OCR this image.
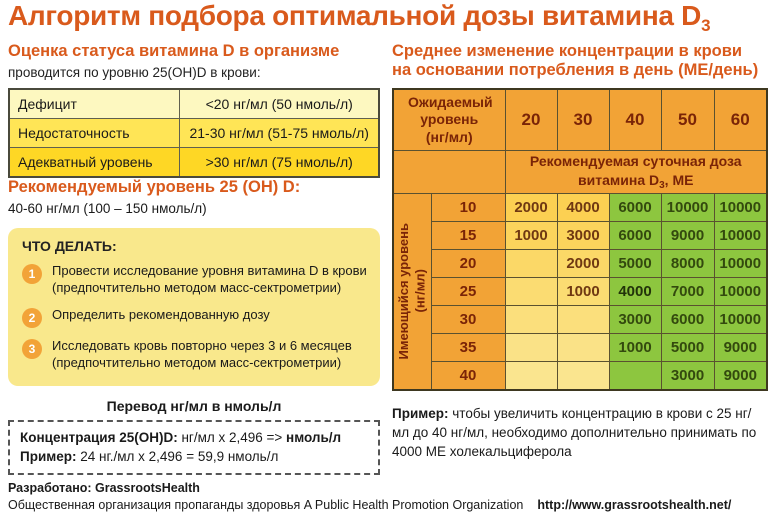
Алгоритм подбора оптимальной дозы витамина $D_3$
Оценка статуса витамина D в организме
проводится по уровню 25(ОН)D в крови:
Дефицит	<20 нг/мл (50 нмоль/л)
Недостаточность	21-30 нг/мл (51-75 нмоль/л)
Адекватный уровень	>30 нг/мл (75 нмоль/л)
Рекомендуемый уровень 25 (ОН) D:
40-60 нг/мл (100 – 150 нмоль/л)
ЧТО ДЕЛАТЬ:
1	Провести исследование уровня витамина D в крови (предпочтительно методом масс-сектрометрии)
2	Определить рекомендованную дозу
3	Исследовать кровь повторно через 3 и 6 месяцев (предпочтительно методом масс-сектрометрии)
Перевод нг/мл в нмоль/л
Концентрация 25(OH)D: нг/мл х 2,496 => нмоль/л
Пример: 24 нг./мл х 2,496 = 59,9 нмоль/л
Среднее изменение концентрации в крови
на основании потребления в день (МЕ/день)
Ожидаемый уровень (нг/мл)		20	30	40	50	60
		Рекомендуемая суточная доза
витамина $D_3$, МЕ				

Имеющийся уровень (нг/мл)	10	2000	4000	6000	10000	10000
	15	1000	3000	6000	9000	10000
	20		2000	5000	8000	10000
	25		1000	4000	7000	10000
	30			3000	6000	10000
	35			1000	5000	9000
	40				3000	9000
Пример: чтобы увеличить концентрацию в крови с 25 нг/мл до 40 нг/мл, необходимо дополнительно принимать по 4000 МЕ холекальциферола
Разработано: GrassrootsHealth
Общественная организация пропаганды здоровья A Public Health Promotion Organization http://www.grassrootshealth.net/
